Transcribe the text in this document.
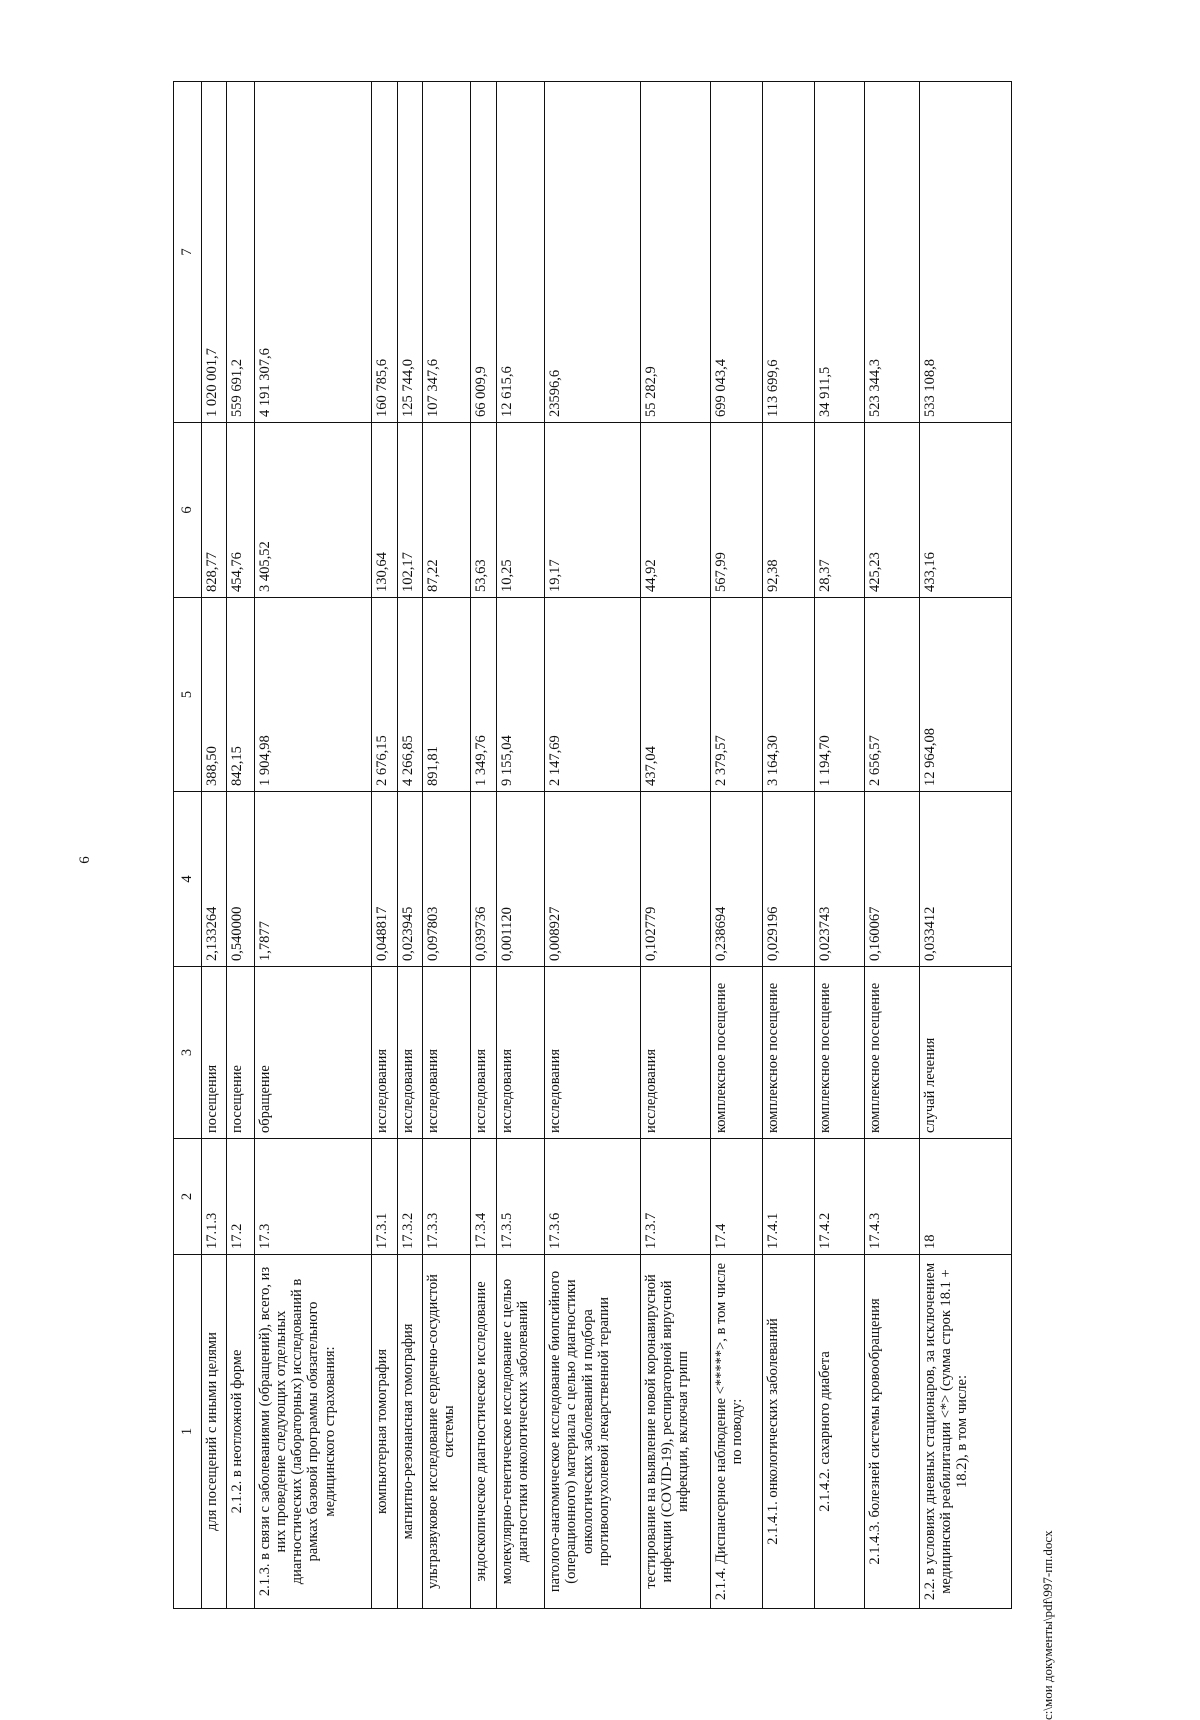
6
1	2	3	4	5	6	7
для посещений с иными целями	17.1.3	посещения	2,133264	388,50	828,77	1 020 001,7
2.1.2. в неотложной форме	17.2	посещение	0,540000	842,15	454,76	559 691,2
2.1.3. в связи с заболеваниями (обращений), всего, из них проведение следующих отдельных диагностических (лабораторных) исследований в рамках базовой программы обязательного медицинского страхования:	17.3	обращение	1,7877	1 904,98	3 405,52	4 191 307,6
компьютерная томография	17.3.1	исследования	0,048817	2 676,15	130,64	160 785,6
магнитно-резонансная томография	17.3.2	исследования	0,023945	4 266,85	102,17	125 744,0
ультразвуковое исследование сердечно-сосудистой системы	17.3.3	исследования	0,097803	891,81	87,22	107 347,6
эндоскопическое диагностическое исследование	17.3.4	исследования	0,039736	1 349,76	53,63	66 009,9
молекулярно-генетическое исследование с целью диагностики онкологических заболеваний	17.3.5	исследования	0,001120	9 155,04	10,25	12 615,6
патолого-анатомическое исследование биопсийного (операционного) материала с целью диагностики онкологических заболеваний и подбора противоопухолевой лекарственной терапии	17.3.6	исследования	0,008927	2 147,69	19,17	23596,6
тестирование на выявление новой коронавирусной инфекции (COVID-19), респираторной вирусной инфекции, включая грипп	17.3.7	исследования	0,102779	437,04	44,92	55 282,9
2.1.4. Диспансерное наблюдение <*****>, в том числе по поводу:	17.4	комплексное посещение	0,238694	2 379,57	567,99	699 043,4
2.1.4.1. онкологических заболеваний	17.4.1	комплексное посещение	0,029196	3 164,30	92,38	113 699,6
2.1.4.2. сахарного диабета	17.4.2	комплексное посещение	0,023743	1 194,70	28,37	34 911,5
2.1.4.3. болезней системы кровообращения	17.4.3	комплексное посещение	0,160067	2 656,57	425,23	523 344,3
2.2. в условиях дневных стационаров, за исключением медицинской реабилитации <*> (сумма строк 18.1 + 18.2), в том числе:	18	случай лечения	0,033412	12 964,08	433,16	533 108,8
c:\мои документы\pdf\997-пп.docx
